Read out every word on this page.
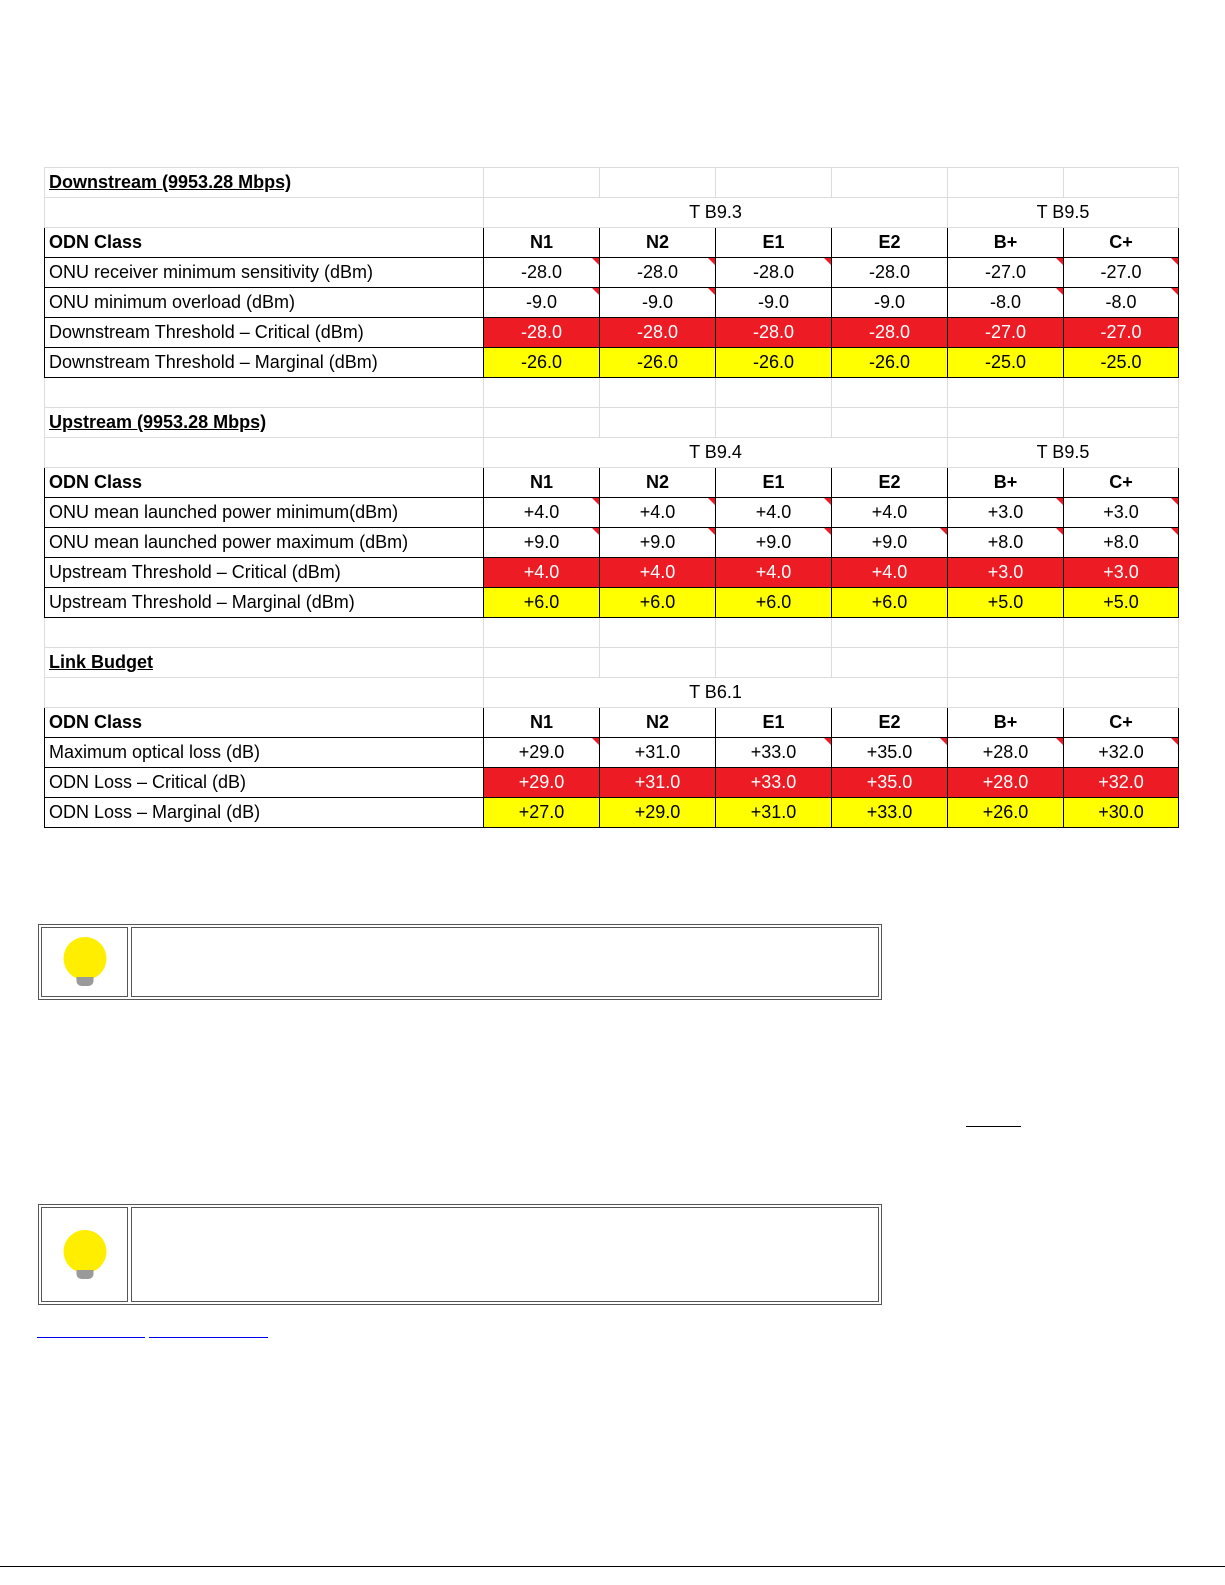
Downstream (9953.28 Mbps)						
	T B9.3				T B9.5	
ODN Class	N1	N2	E1	E2	B+	C+
ONU receiver minimum sensitivity (dBm)	-28.0	-28.0	-28.0	-28.0	-27.0	-27.0

ONU minimum overload (dBm)	-9.0	-9.0	-9.0	-9.0	-8.0	-8.0

Downstream Threshold – Critical (dBm)	-28.0	-28.0	-28.0	-28.0	-27.0	-27.0
Downstream Threshold – Marginal (dBm)	-26.0	-26.0	-26.0	-26.0	-25.0	-25.0

Upstream (9953.28 Mbps)						
	T B9.4				T B9.5	
ODN Class	N1	N2	E1	E2	B+	C+
ONU mean launched power minimum(dBm)	+4.0	+4.0	+4.0	+4.0	+3.0	+3.0

ONU mean launched power maximum (dBm)	+9.0	+9.0	+9.0	+9.0	+8.0	+8.0

Upstream Threshold – Critical (dBm)	+4.0	+4.0	+4.0	+4.0	+3.0	+3.0
Upstream Threshold – Marginal (dBm)	+6.0	+6.0	+6.0	+6.0	+5.0	+5.0

Link Budget						
	T B6.1					
ODN Class	N1	N2	E1	E2	B+	C+
Maximum optical loss (dB)	+29.0	+31.0	+33.0	+35.0	+28.0	+32.0

ODN Loss – Critical (dB)	+29.0	+31.0	+33.0	+35.0	+28.0	+32.0
ODN Loss – Marginal (dB)	+27.0	+29.0	+31.0	+33.0	+26.0	+30.0
